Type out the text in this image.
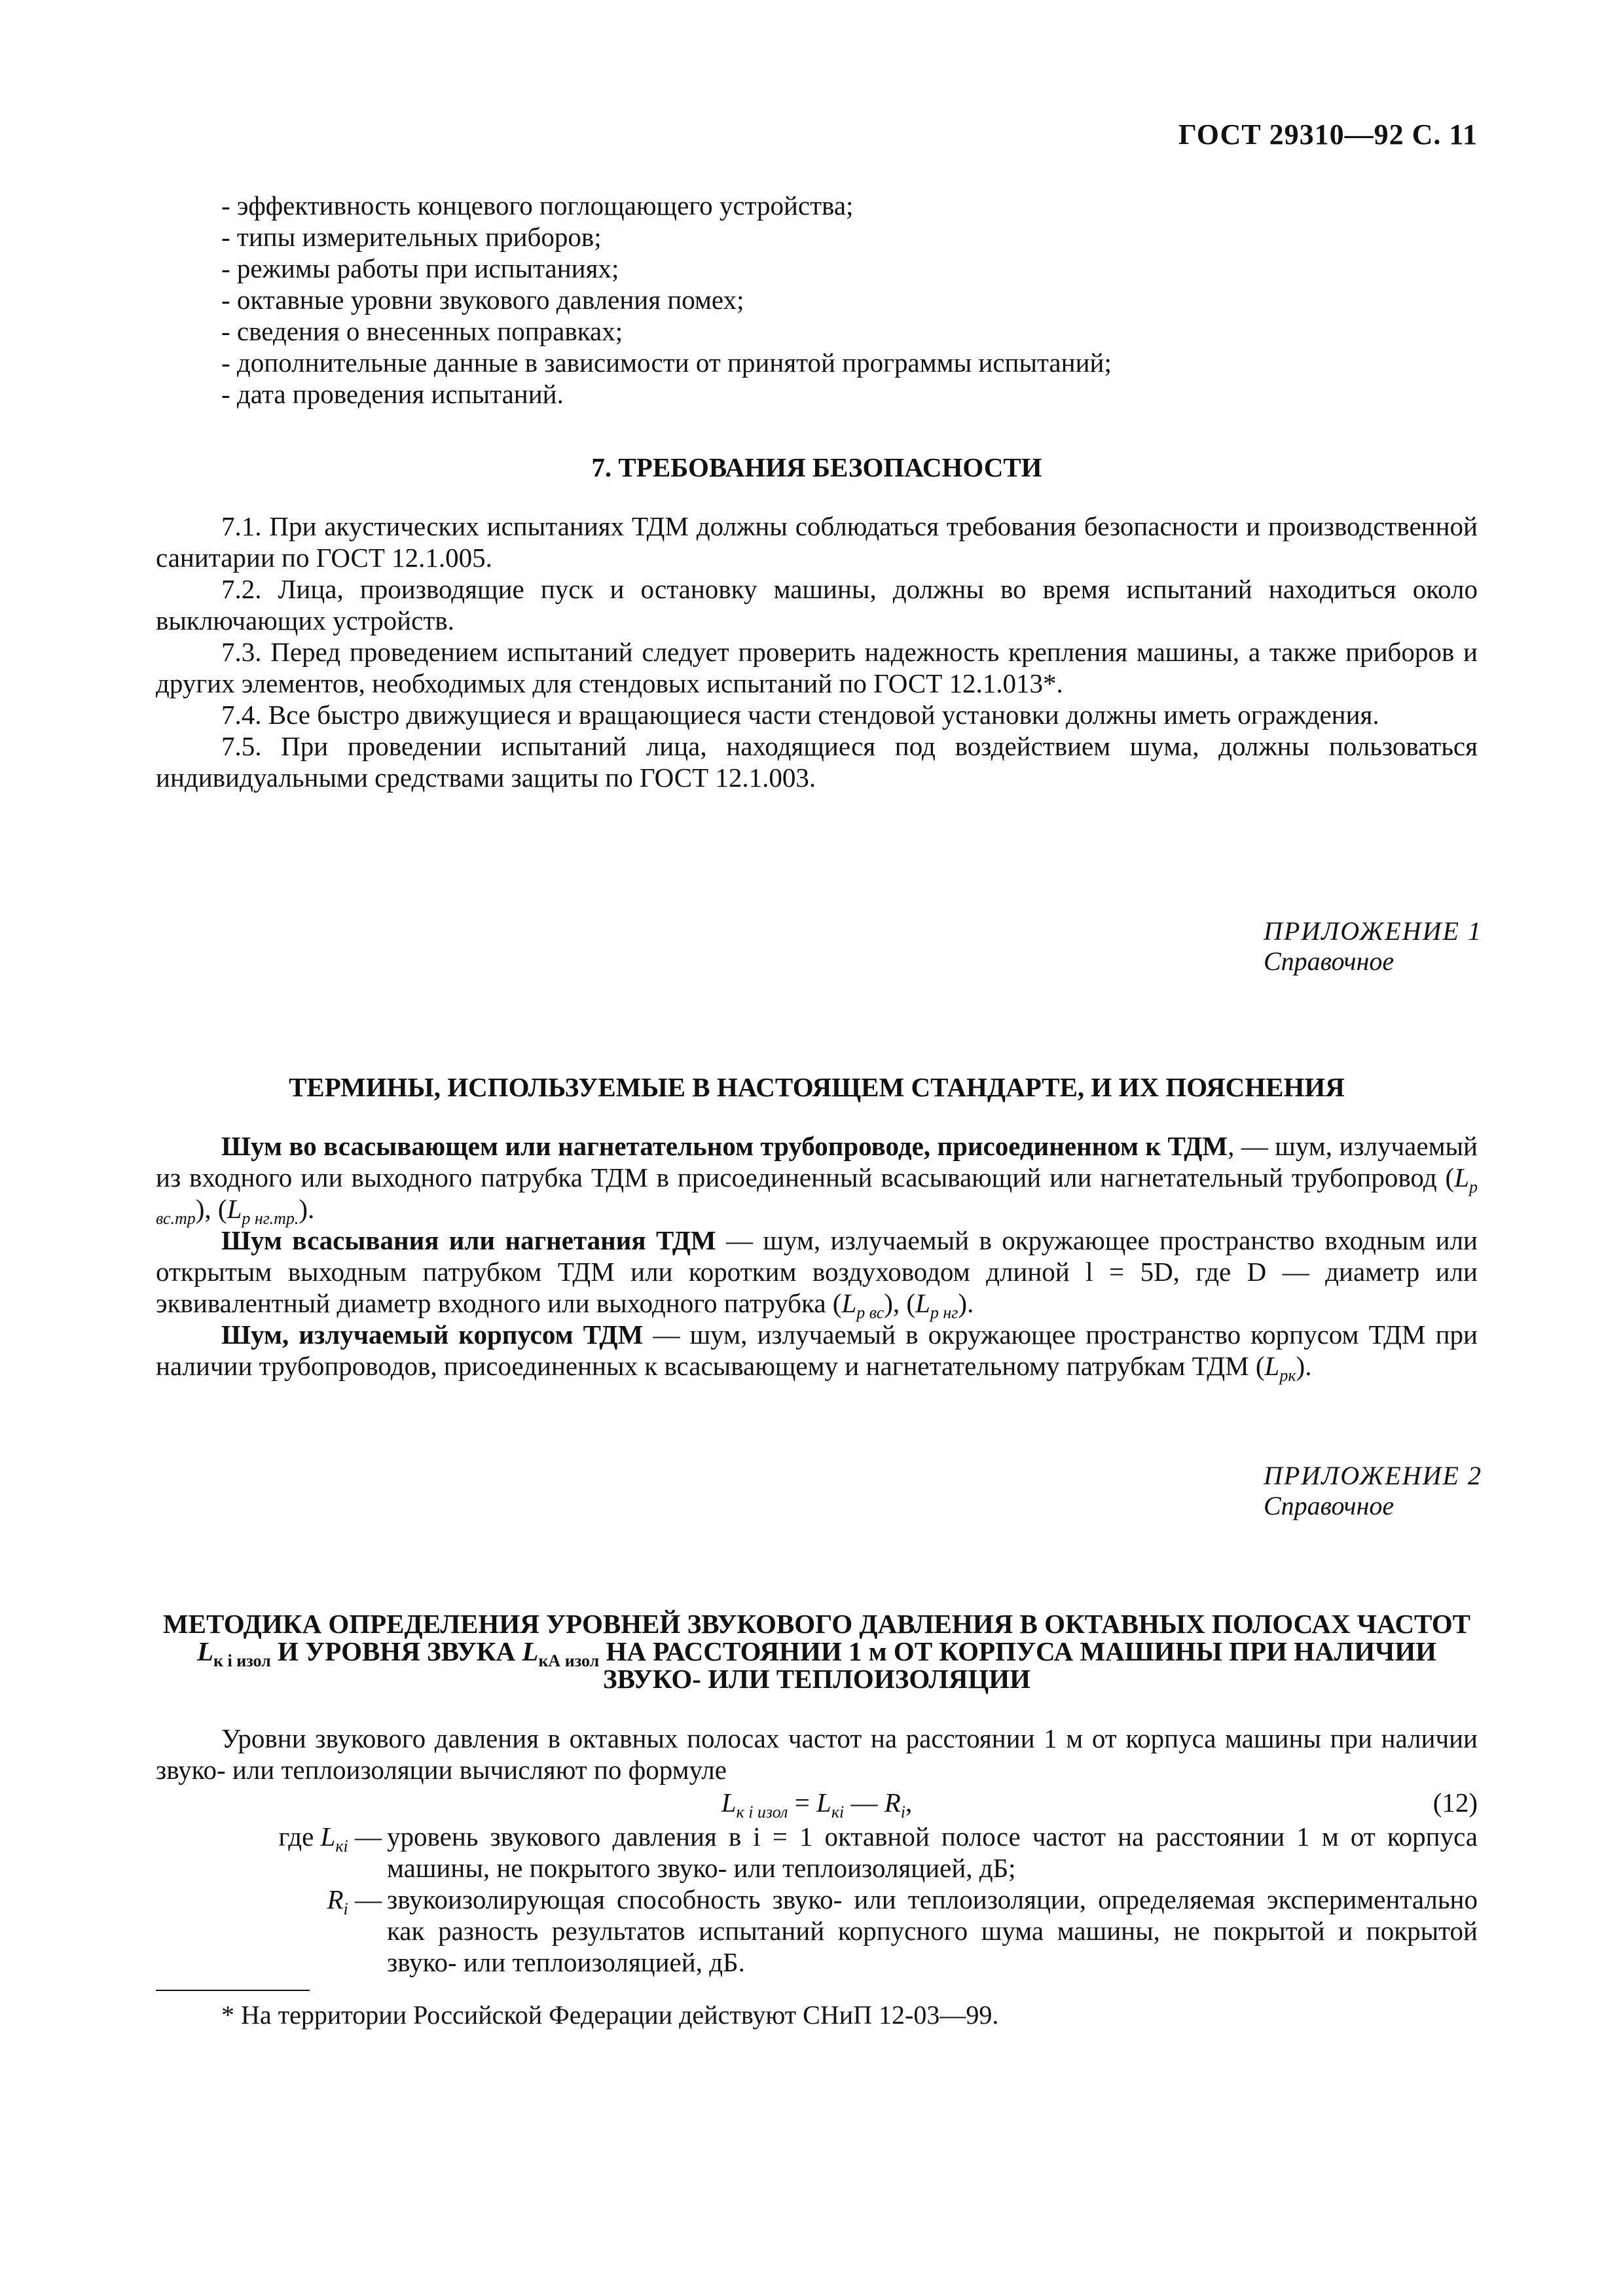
ГОСТ 29310—92 С. 11
- эффективность концевого поглощающего устройства;
- типы измерительных приборов;
- режимы работы при испытаниях;
- октавные уровни звукового давления помех;
- сведения о внесенных поправках;
- дополнительные данные в зависимости от принятой программы испытаний;
- дата проведения испытаний.
7. ТРЕБОВАНИЯ БЕЗОПАСНОСТИ

7.1. При акустических испытаниях ТДМ должны соблюдаться требования безопасности и производственной санитарии по ГОСТ 12.1.005.

7.2. Лица, производящие пуск и остановку машины, должны во время испытаний находиться около выключающих устройств.

7.3. Перед проведением испытаний следует проверить надежность крепления машины, а также приборов и других элементов, необходимых для стендовых испытаний по ГОСТ 12.1.013*.

7.4. Все быстро движущиеся и вращающиеся части стендовой установки должны иметь ограждения.

7.5. При проведении испытаний лица, находящиеся под воздействием шума, должны пользоваться индивидуальными средствами защиты по ГОСТ 12.1.003.

ПРИЛОЖЕНИЕ 1
Справочное
ТЕРМИНЫ, ИСПОЛЬЗУЕМЫЕ В НАСТОЯЩЕМ СТАНДАРТЕ, И ИХ ПОЯСНЕНИЯ

Шум во всасывающем или нагнетательном трубопроводе, присоединенном к ТДМ, — шум, излучаемый из входного или выходного патрубка ТДМ в присоединенный всасывающий или нагнетательный трубопровод $(L_{p вс.тр})$, $(L_{p нг.тр.})$.

Шум всасывания или нагнетания ТДМ — шум, излучаемый в окружающее пространство входным или открытым выходным патрубком ТДМ или коротким воздуховодом длиной l = 5D, где D — диаметр или эквивалентный диаметр входного или выходного патрубка $(L_{p вс})$, $(L_{p нг})$.

Шум, излучаемый корпусом ТДМ — шум, излучаемый в окружающее пространство корпусом ТДМ при наличии трубопроводов, присоединенных к всасывающему и нагнетательному патрубкам ТДМ $(L_{рк})$.

ПРИЛОЖЕНИЕ 2
Справочное
МЕТОДИКА ОПРЕДЕЛЕНИЯ УРОВНЕЙ ЗВУКОВОГО ДАВЛЕНИЯ В ОКТАВНЫХ ПОЛОСАХ ЧАСТОТ
$L_{к i изол}$ И УРОВНЯ ЗВУКА $L_{кА изол}$ НА РАССТОЯНИИ 1 м ОТ КОРПУСА МАШИНЫ ПРИ НАЛИЧИИ
ЗВУКО- ИЛИ ТЕПЛОИЗОЛЯЦИИ

Уровни звукового давления в октавных полосах частот на расстоянии 1 м от корпуса машины при наличии звуко- или теплоизоляции вычисляют по формуле

$L_{к i изол} = L_{кi}$ — $R_i$,	(12)
где $L_{кi}$ — уровень звукового давления в i = 1 октавной полосе частот на расстоянии 1 м от корпуса машины, не покрытого звуко- или теплоизоляцией, дБ;
$R_i$ — звукоизолирующая способность звуко- или теплоизоляции, определяемая экспериментально как разность результатов испытаний корпусного шума машины, не покрытой и покрытой звуко- или теплоизоляцией, дБ.
* На территории Российской Федерации действуют СНиП 12-03—99.
